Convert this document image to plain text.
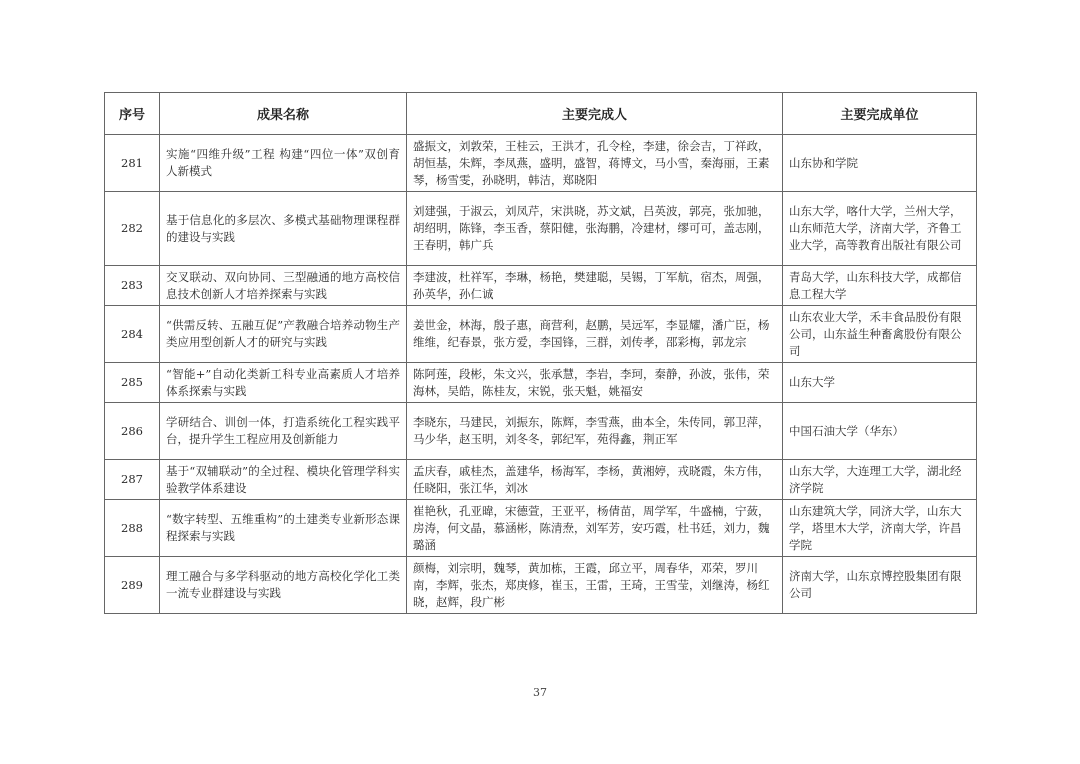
序号	成果名称	主要完成人	主要完成单位
281	实施“四维升级”工程 构建“四位一体”双创育人新模式	盛振文，刘敦荣，王桂云，王洪才，孔令栓，李建，徐会吉，丁祥政，胡恒基，朱辉，李凤燕，盛明，盛智，蒋博文，马小雪，秦海丽，王素琴，杨雪雯，孙晓明，韩洁，郑晓阳	山东协和学院
282	基于信息化的多层次、多模式基础物理课程群的建设与实践	刘建强，于淑云，刘凤芹，宋洪晓，苏文斌，吕英波，郭亮，张加驰，胡绍明，陈锋，李玉香，蔡阳健，张海鹏，冷建材，缪可可，盖志刚，王春明，韩广兵	山东大学，喀什大学，兰州大学，山东师范大学，济南大学，齐鲁工业大学，高等教育出版社有限公司
283	交叉联动、双向协同、三型融通的地方高校信息技术创新人才培养探索与实践	李建波，杜祥军，李琳，杨艳，樊建聪，吴锡，丁军航，宿杰，周强，孙英华，孙仁诚	青岛大学，山东科技大学，成都信息工程大学
284	“供需反转、五融互促”产教融合培养动物生产类应用型创新人才的研究与实践	姜世金，林海，殷子惠，商营利，赵鹏，吴远军，李显耀，潘广臣，杨维维，纪春景，张方爱，李国锋，三群，刘传孝，邵彩梅，郭龙宗	山东农业大学，禾丰食品股份有限公司，山东益生种畜禽股份有限公司
285	“智能+”自动化类新工科专业高素质人才培养体系探索与实践	陈阿莲，段彬，朱文兴，张承慧，李岩，李珂，秦静，孙波，张伟，荣海林，吴皓，陈桂友，宋锐，张天魁，姚福安	山东大学
286	学研结合、训创一体，打造系统化工程实践平台，提升学生工程应用及创新能力	李晓东，马建民，刘振东，陈辉，李雪燕，曲本全，朱传同，郭卫萍，马少华，赵玉明，刘冬冬，郭纪军，苑得鑫，荆正军	中国石油大学（华东）
287	基于“双辅联动”的全过程、模块化管理学科实验教学体系建设	孟庆春，戚桂杰，盖建华，杨海军，李杨，黄湘婷，戎晓霞，朱方伟，任晓阳，张江华，刘冰	山东大学，大连理工大学，湖北经济学院
288	“数字转型、五维重构”的土建类专业新形态课程探索与实践	崔艳秋，孔亚暐，宋德萱，王亚平，杨倩苗，周学军，牛盛楠，宁蔹，房涛，何文晶，慕涵彬，陈清焘，刘军芳，安巧霞，杜书廷，刘力，魏璐涵	山东建筑大学，同济大学，山东大学，塔里木大学，济南大学，许昌学院
289	理工融合与多学科驱动的地方高校化学化工类一流专业群建设与实践	颜梅，刘宗明，魏琴，黄加栋，王霞，邱立平，周春华，邓荣，罗川南，李辉，张杰，郑庚修，崔玉，王雷，王琦，王雪莹，刘继涛，杨红晓，赵辉，段广彬	济南大学，山东京博控股集团有限公司
37
